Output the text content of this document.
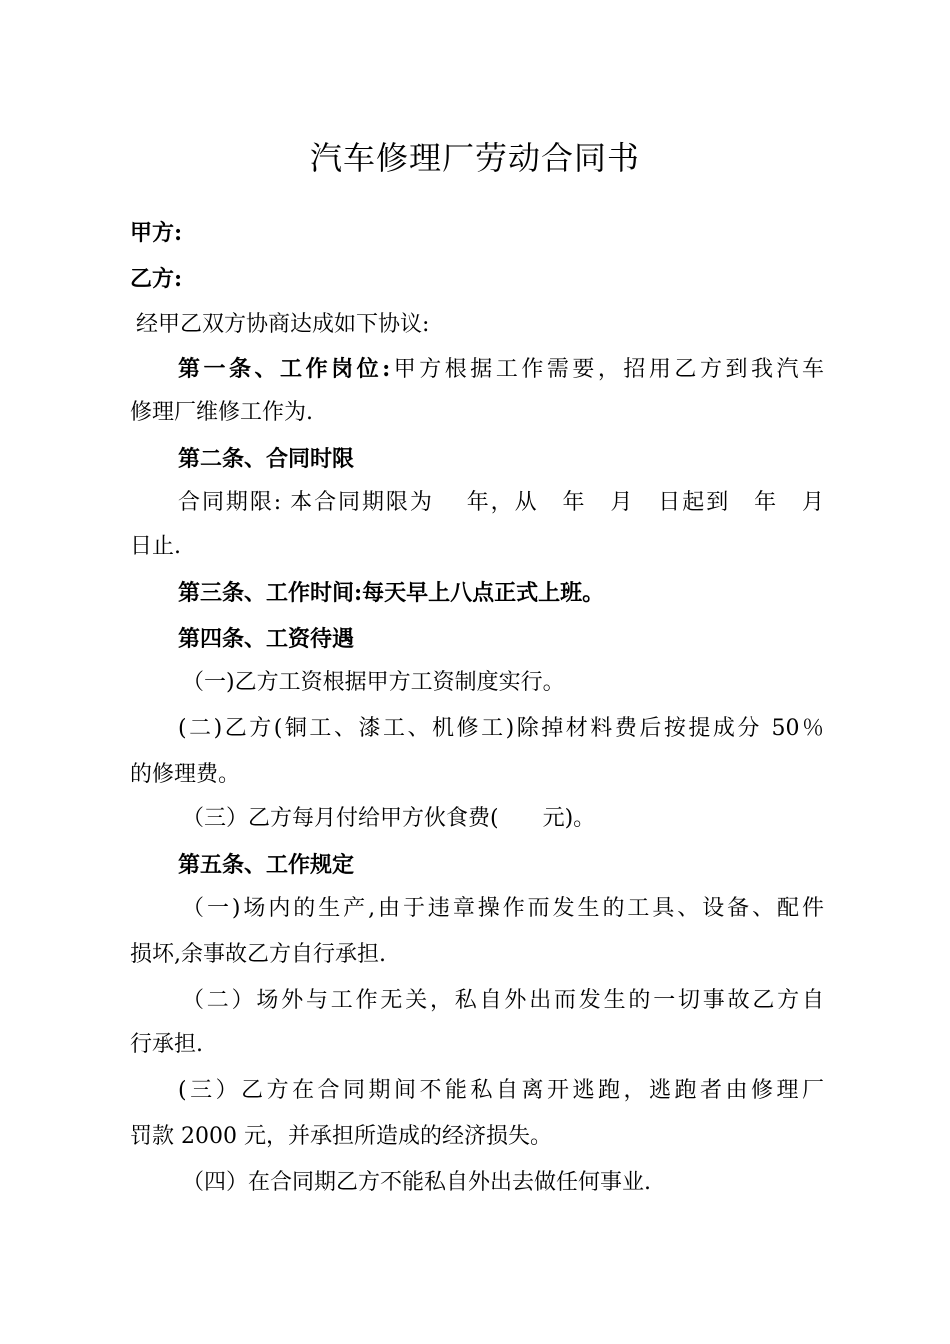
汽车修理厂劳动合同书
甲方:
乙方:
经甲乙双方协商达成如下协议:
第一条、工作岗位:甲方根据工作需要，招用乙方到我汽车
修理厂维修工作为.
第二条、合同时限
合同期限: 本合同期限为　 年，从　年　月　日起到　年　月
日止.
第三条、工作时间:每天早上八点正式上班。
第四条、工资待遇
（一)乙方工资根据甲方工资制度实行。
(二)乙方(铜工、漆工、机修工)除掉材料费后按提成分 50％
的修理费。
（三）乙方每月付给甲方伙食费(　　元)。
第五条、工作规定
（一)场内的生产,由于违章操作而发生的工具、设备、配件
损坏,余事故乙方自行承担.
（二）场外与工作无关，私自外出而发生的一切事故乙方自
行承担.
(三）乙方在合同期间不能私自离开逃跑，逃跑者由修理厂
罚款 2000 元，并承担所造成的经济损失。
（四）在合同期乙方不能私自外出去做任何事业.
